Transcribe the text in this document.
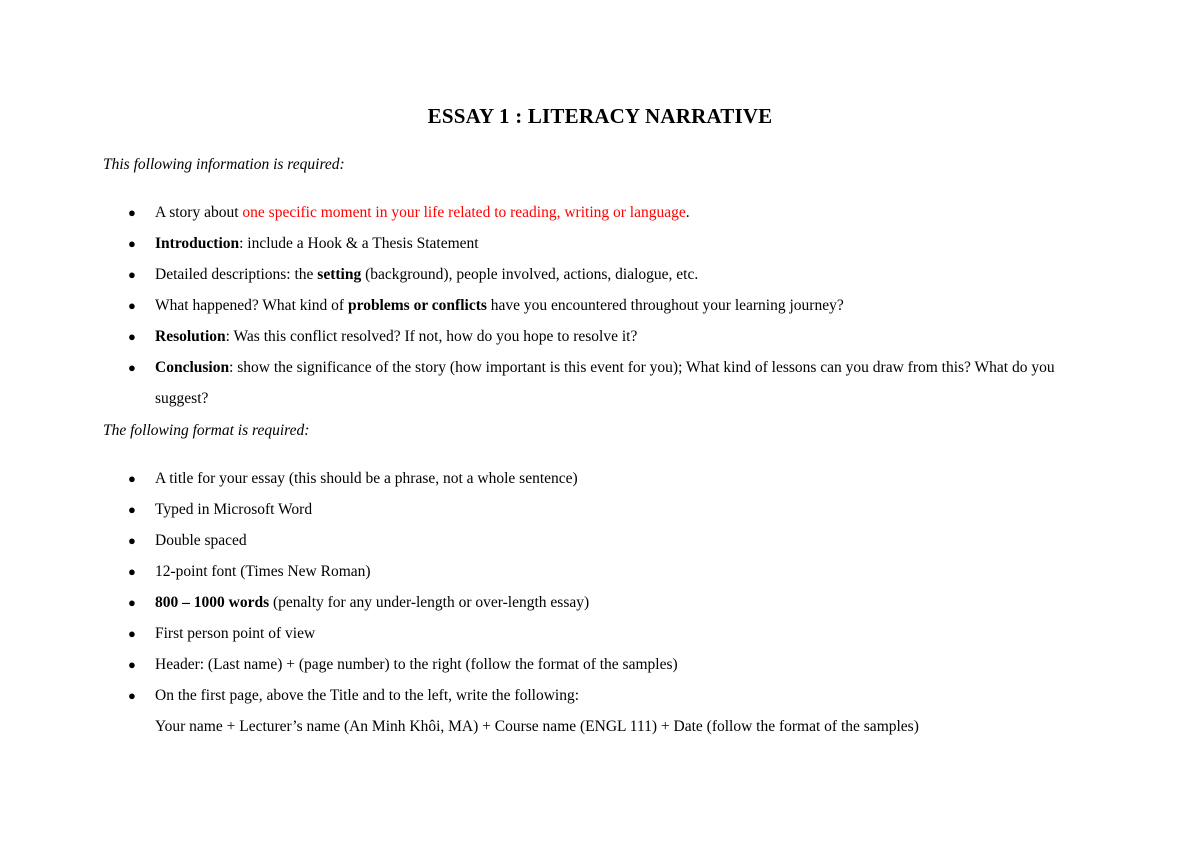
ESSAY 1 : LITERACY NARRATIVE
This following information is required:
● A story about one specific moment in your life related to reading, writing or language.
● Introduction: include a Hook & a Thesis Statement
● Detailed descriptions: the setting (background), people involved, actions, dialogue, etc.
● What happened? What kind of problems or conflicts have you encountered throughout your learning journey?
● Resolution: Was this conflict resolved? If not, how do you hope to resolve it?
● Conclusion: show the significance of the story (how important is this event for you); What kind of lessons can you draw from this? What do you suggest?
The following format is required:
● A title for your essay (this should be a phrase, not a whole sentence)
● Typed in Microsoft Word
● Double spaced
● 12-point font (Times New Roman)
● 800 – 1000 words (penalty for any under-length or over-length essay)
● First person point of view
● Header: (Last name) + (page number) to the right (follow the format of the samples)
● On the first page, above the Title and to the left, write the following:
Your name + Lecturer’s name (An Minh Khôi, MA) + Course name (ENGL 111) + Date (follow the format of the samples)
